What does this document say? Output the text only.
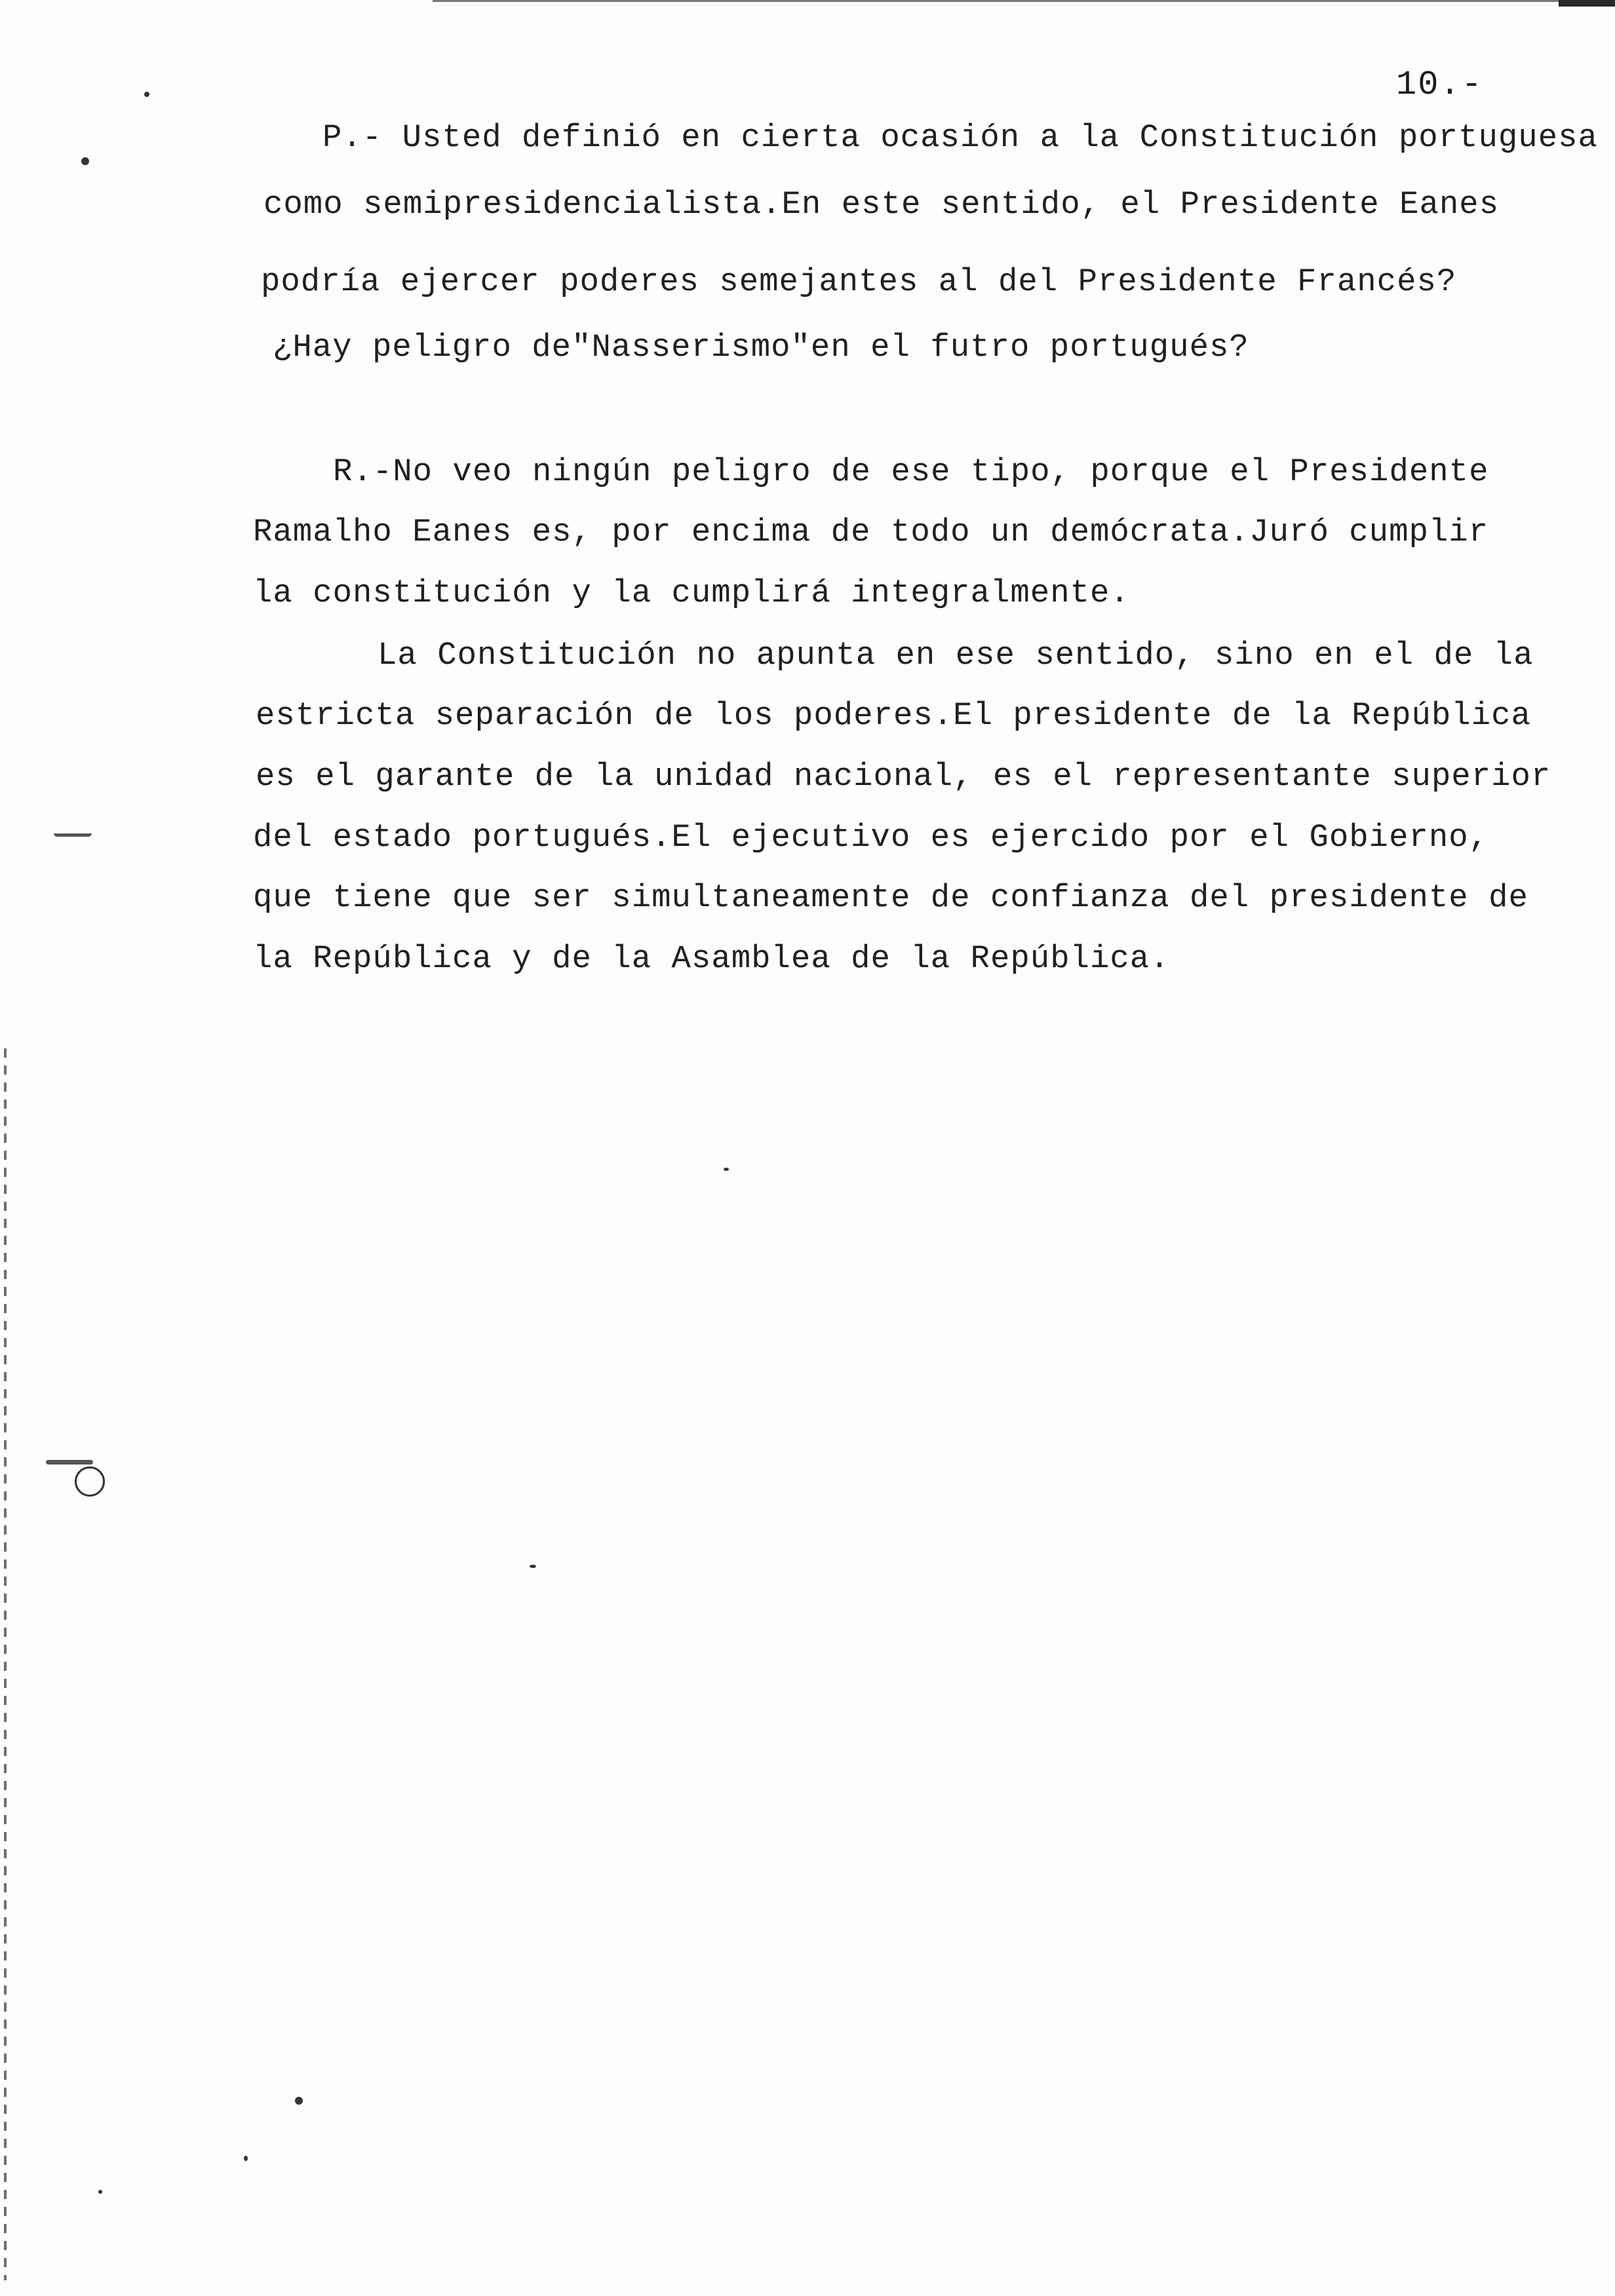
10.-
P.- Usted definió en cierta ocasión a la Constitución portuguesa
como semipresidencialista.En este sentido, el Presidente Eanes
podría ejercer poderes semejantes al del Presidente Francés?
¿Hay peligro de"Nasserismo"en el futro portugués?
R.-No veo ningún peligro de ese tipo, porque el Presidente
Ramalho Eanes es, por encima de todo un demócrata.Juró cumplir
la constitución y la cumplirá integralmente.
La Constitución no apunta en ese sentido, sino en el de la
estricta separación de los poderes.El presidente de la República
es el garante de la unidad nacional, es el representante superior
del estado portugués.El ejecutivo es ejercido por el Gobierno,
que tiene que ser simultaneamente de confianza del presidente de
la República y de la Asamblea de la República.
